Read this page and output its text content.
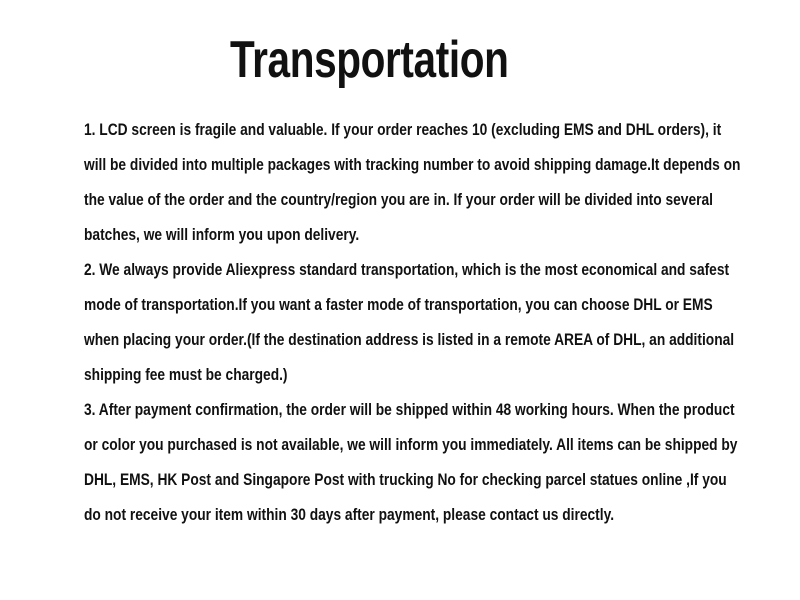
Transportation
1. LCD screen is fragile and valuable. If your order reaches 10 (excluding EMS and DHL orders), it
will be divided into multiple packages with tracking number to avoid shipping damage.It depends on
the value of the order and the country/region you are in. If your order will be divided into several
batches, we will inform you upon delivery.
2. We always provide Aliexpress standard transportation, which is the most economical and safest
mode of transportation.If you want a faster mode of transportation, you can choose DHL or EMS
when placing your order.(If the destination address is listed in a remote AREA of DHL, an additional
shipping fee must be charged.)
3. After payment confirmation, the order will be shipped within 48 working hours. When the product
or color you purchased is not available, we will inform you immediately. All items can be shipped by
DHL, EMS, HK Post and Singapore Post with trucking No for checking parcel statues online ,If you
do not receive your item within 30 days after payment, please contact us directly.
